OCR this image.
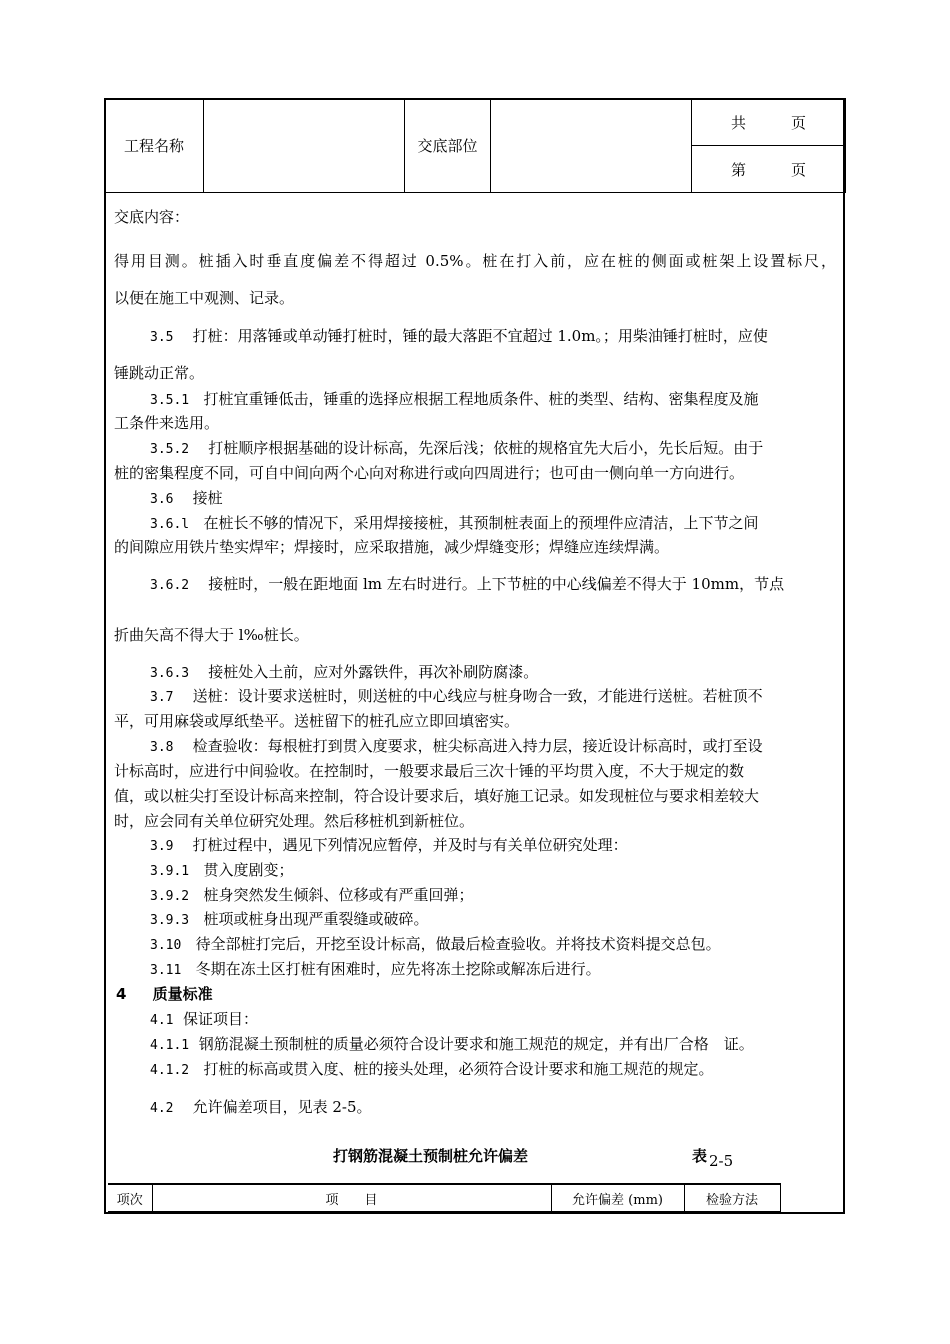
工程名称		交底部位		共　　　页
第　　　页
交底内容：
得用目测。桩插入时垂直度偏差不得超过 0.5%。桩在打入前，应在桩的侧面或桩架上设置标尺，
以便在施工中观测、记录。
3.5 打桩：用落锤或单动锤打桩时，锤的最大落距不宜超过 1.0m。；用柴油锤打桩时，应使
锤跳动正常。
3.5.1 打桩宜重锤低击，锤重的选择应根据工程地质条件、桩的类型、结构、密集程度及施
工条件来选用。
3.5.2 打桩顺序根据基础的设计标高，先深后浅；依桩的规格宜先大后小，先长后短。由于
桩的密集程度不同，可自中间向两个心向对称进行或向四周进行；也可由一侧向单一方向进行。
3.6 接桩
3.6.l 在桩长不够的情况下，采用焊接接桩，其预制桩表面上的预埋件应清洁，上下节之间
的间隙应用铁片垫实焊牢；焊接时，应采取措施，减少焊缝变形；焊缝应连续焊满。
3.6.2 接桩时，一般在距地面 lm 左右时进行。上下节桩的中心线偏差不得大于 10mm，节点
折曲矢高不得大于 l‰桩长。
3.6.3 接桩处入土前，应对外露铁件，再次补刷防腐漆。
3.7 送桩：设计要求送桩时，则送桩的中心线应与桩身吻合一致，才能进行送桩。若桩顶不
平，可用麻袋或厚纸垫平。送桩留下的桩孔应立即回填密实。
3.8 检查验收：每根桩打到贯入度要求，桩尖标高进入持力层，接近设计标高时，或打至设
计标高时，应进行中间验收。在控制时，一般要求最后三次十锤的平均贯入度，不大于规定的数
值，或以桩尖打至设计标高来控制，符合设计要求后，填好施工记录。如发现桩位与要求相差较大
时，应会同有关单位研究处理。然后移桩机到新桩位。
3.9 打桩过程中，遇见下列情况应暂停，并及时与有关单位研究处理：
3.9.1 贯入度剧变；
3.9.2 桩身突然发生倾斜、位移或有严重回弹；
3.9.3 桩项或桩身出现严重裂缝或破碎。
3.10 待全部桩打完后，开挖至设计标高，做最后检查验收。并将技术资料提交总包。
3.11 冬期在冻土区打桩有困难时，应先将冻土挖除或解冻后进行。
4 质量标准
4.1 保证项目：
4.1.1 钢筋混凝土预制桩的质量必须符合设计要求和施工规范的规定，并有出厂合格　证。
4.1.2 打桩的标高或贯入度、桩的接头处理，必须符合设计要求和施工规范的规定。
4.2 允许偏差项目，见表 2-5。
打钢筋混凝土预制桩允许偏差	表 2-5
项次	项　　目	允许偏差 (mm)	检验方法
